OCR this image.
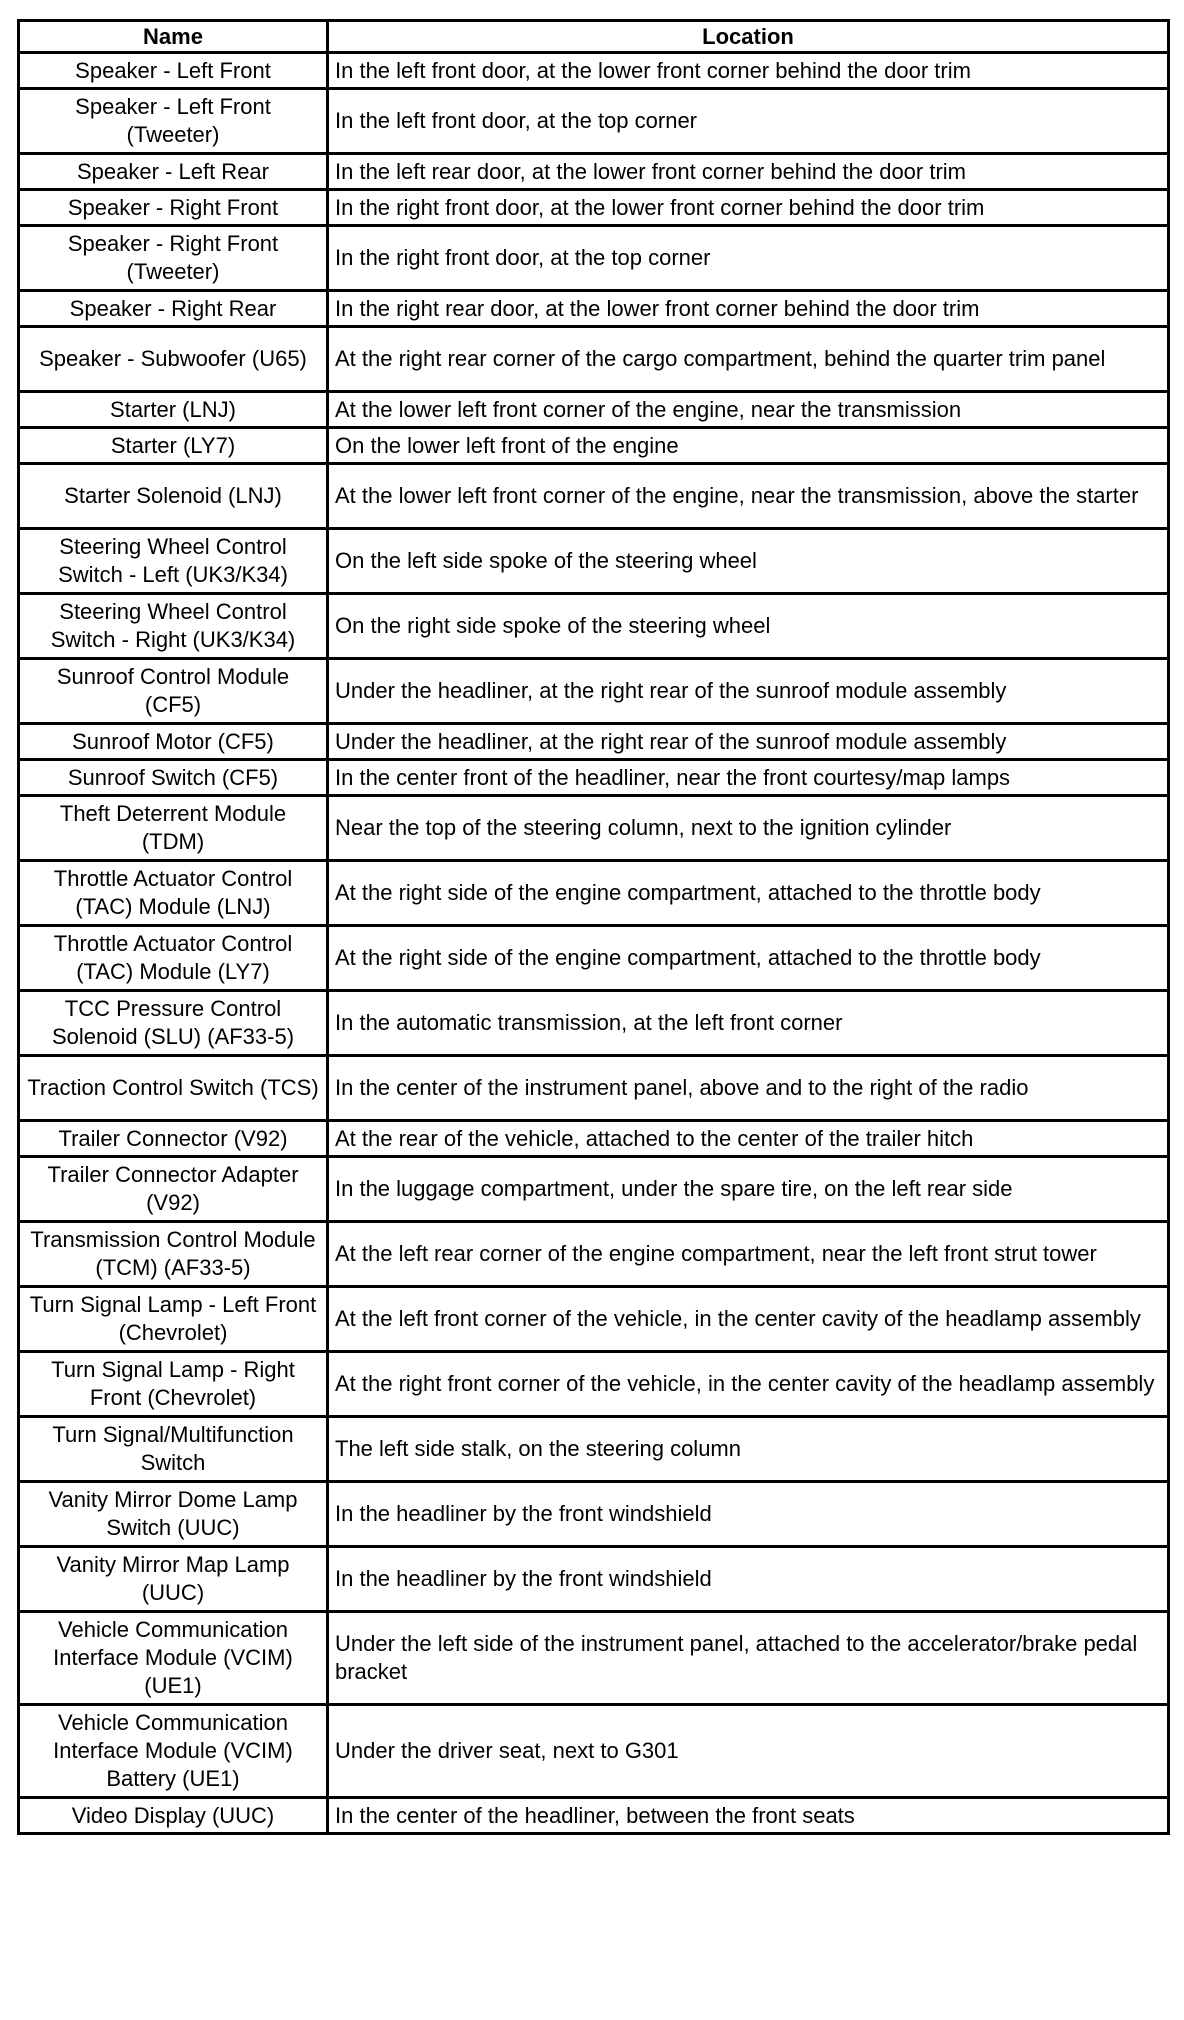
Name	Location
Speaker - Left Front	In the left front door, at the lower front corner behind the door trim
Speaker - Left Front (Tweeter)	In the left front door, at the top corner
Speaker - Left Rear	In the left rear door, at the lower front corner behind the door trim
Speaker - Right Front	In the right front door, at the lower front corner behind the door trim
Speaker - Right Front (Tweeter)	In the right front door, at the top corner
Speaker - Right Rear	In the right rear door, at the lower front corner behind the door trim
Speaker - Subwoofer (U65)	At the right rear corner of the cargo compartment, behind the quarter trim panel
Starter (LNJ)	At the lower left front corner of the engine, near the transmission
Starter (LY7)	On the lower left front of the engine
Starter Solenoid (LNJ)	At the lower left front corner of the engine, near the transmission, above the starter
Steering Wheel Control Switch - Left (UK3/K34)	On the left side spoke of the steering wheel
Steering Wheel Control Switch - Right (UK3/K34)	On the right side spoke of the steering wheel
Sunroof Control Module (CF5)	Under the headliner, at the right rear of the sunroof module assembly
Sunroof Motor (CF5)	Under the headliner, at the right rear of the sunroof module assembly
Sunroof Switch (CF5)	In the center front of the headliner, near the front courtesy/map lamps
Theft Deterrent Module (TDM)	Near the top of the steering column, next to the ignition cylinder
Throttle Actuator Control (TAC) Module (LNJ)	At the right side of the engine compartment, attached to the throttle body
Throttle Actuator Control (TAC) Module (LY7)	At the right side of the engine compartment, attached to the throttle body
TCC Pressure Control Solenoid (SLU) (AF33-5)	In the automatic transmission, at the left front corner
Traction Control Switch (TCS)	In the center of the instrument panel, above and to the right of the radio
Trailer Connector (V92)	At the rear of the vehicle, attached to the center of the trailer hitch
Trailer Connector Adapter (V92)	In the luggage compartment, under the spare tire, on the left rear side
Transmission Control Module (TCM) (AF33-5)	At the left rear corner of the engine compartment, near the left front strut tower
Turn Signal Lamp - Left Front (Chevrolet)	At the left front corner of the vehicle, in the center cavity of the headlamp assembly
Turn Signal Lamp - Right Front (Chevrolet)	At the right front corner of the vehicle, in the center cavity of the headlamp assembly
Turn Signal/Multifunction Switch	The left side stalk, on the steering column
Vanity Mirror Dome Lamp Switch (UUC)	In the headliner by the front windshield
Vanity Mirror Map Lamp (UUC)	In the headliner by the front windshield
Vehicle Communication Interface Module (VCIM) (UE1)	Under the left side of the instrument panel, attached to the accelerator/brake pedal bracket
Vehicle Communication Interface Module (VCIM) Battery (UE1)	Under the driver seat, next to G301
Video Display (UUC)	In the center of the headliner, between the front seats
